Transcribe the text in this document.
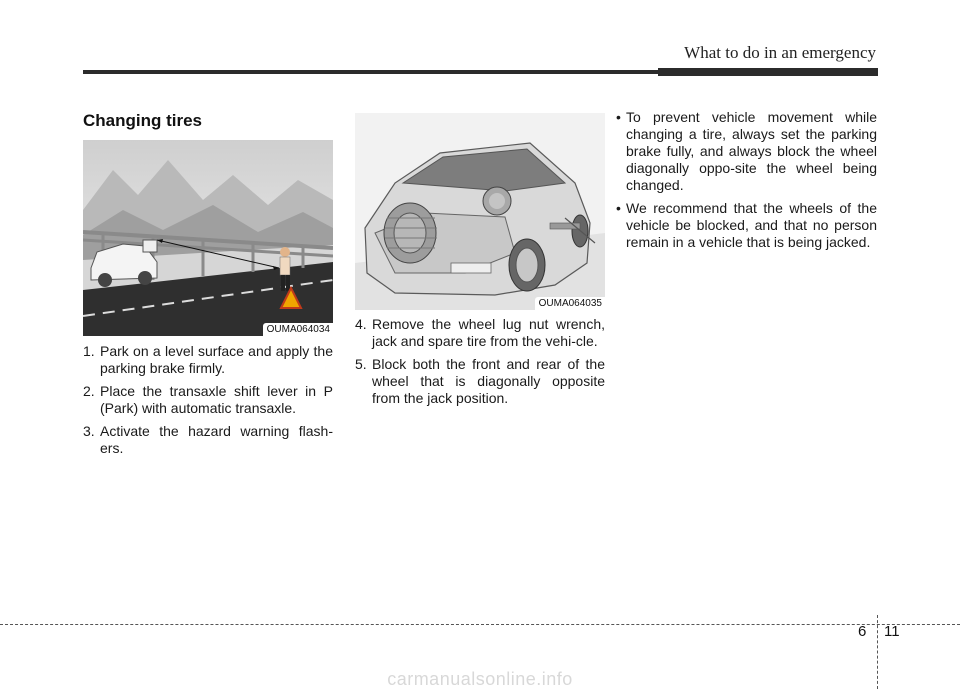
What to do in an emergency
Changing tires
OUMA064034
OUMA064035
1. Park on a level surface and apply the parking brake firmly.
2. Place the transaxle shift lever in P (Park) with automatic transaxle.
3. Activate the hazard warning flash-ers.
4. Remove the wheel lug nut wrench, jack and spare tire from the vehi-cle.
5. Block both the front and rear of the wheel that is diagonally opposite from the jack position.
• To prevent vehicle movement while changing a tire, always set the parking brake fully, and always block the wheel diagonally oppo-site the wheel being changed.
• We recommend that the wheels of the vehicle be blocked, and that no person remain in a vehicle that is being jacked.
6 11
carmanualsonline.info
